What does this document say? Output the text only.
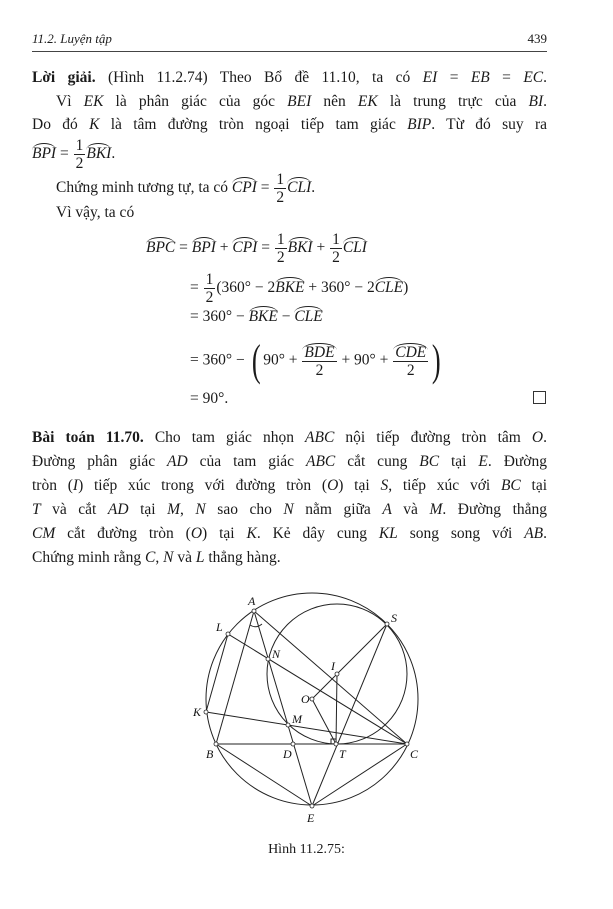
11.2. Luyện tập	439
Lời giải. (Hình 11.2.74) Theo Bổ đề 11.10, ta có EI = EB = EC.
Vì EK là phân giác của góc BEI nên EK là trung trực của BI.
Do đó K là tâm đường tròn ngoại tiếp tam giác BIP. Từ đó suy ra
BPI = $\frac{1}{2}$ BKI.
Chứng minh tương tự, ta có CPI = $\frac{1}{2}$ CLI.
Vì vậy, ta có
BPC = BPI + CPI = $\frac{1}{2}$ BKI + $\frac{1}{2}$ CLI
= $\frac{1}{2} (360^\circ - 2BKE + 360^\circ - 2CLE)$
= 360° − BKE − CLE
= 360° − ( $90^\circ + \frac{\text{BDE}}{2} + 90^\circ + \frac{\text{CDE}}{2}$ )
= 90°.
Bài toán 11.70. Cho tam giác nhọn ABC nội tiếp đường tròn tâm O.
Đường phân giác AD của tam giác ABC cắt cung BC tại E. Đường
tròn (I) tiếp xúc trong với đường tròn (O) tại S, tiếp xúc với BC tại
T và cắt AD tại M, N sao cho N nằm giữa A và M. Đường thẳng
CM cắt đường tròn (O) tại K. Kẻ dây cung KL song song với AB.
Chứng minh rằng C, N và L thẳng hàng.
A
L
N
S
I
O
K	M
B	D	T	C
E
Hình 11.2.75:
